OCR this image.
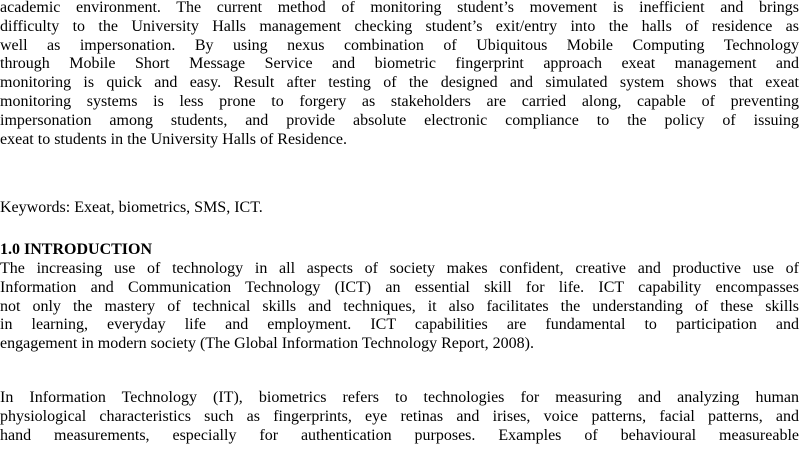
academic environment. The current method of monitoring student’s movement is inefficient and brings
difficulty to the University Halls management checking student’s exit/entry into the halls of residence as
well as impersonation. By using nexus combination of Ubiquitous Mobile Computing Technology
through Mobile Short Message Service and biometric fingerprint approach exeat management and
monitoring is quick and easy. Result after testing of the designed and simulated system shows that exeat
monitoring systems is less prone to forgery as stakeholders are carried along, capable of preventing
impersonation among students, and provide absolute electronic compliance to the policy of issuing
exeat to students in the University Halls of Residence.
Keywords: Exeat, biometrics, SMS, ICT.
1.0 INTRODUCTION
The increasing use of technology in all aspects of society makes confident, creative and productive use of
Information and Communication Technology (ICT) an essential skill for life. ICT capability encompasses
not only the mastery of technical skills and techniques, it also facilitates the understanding of these skills
in learning, everyday life and employment. ICT capabilities are fundamental to participation and
engagement in modern society (The Global Information Technology Report, 2008).
In Information Technology (IT), biometrics refers to technologies for measuring and analyzing human
physiological characteristics such as fingerprints, eye retinas and irises, voice patterns, facial patterns, and
hand measurements, especially for authentication purposes. Examples of behavioural measureable
